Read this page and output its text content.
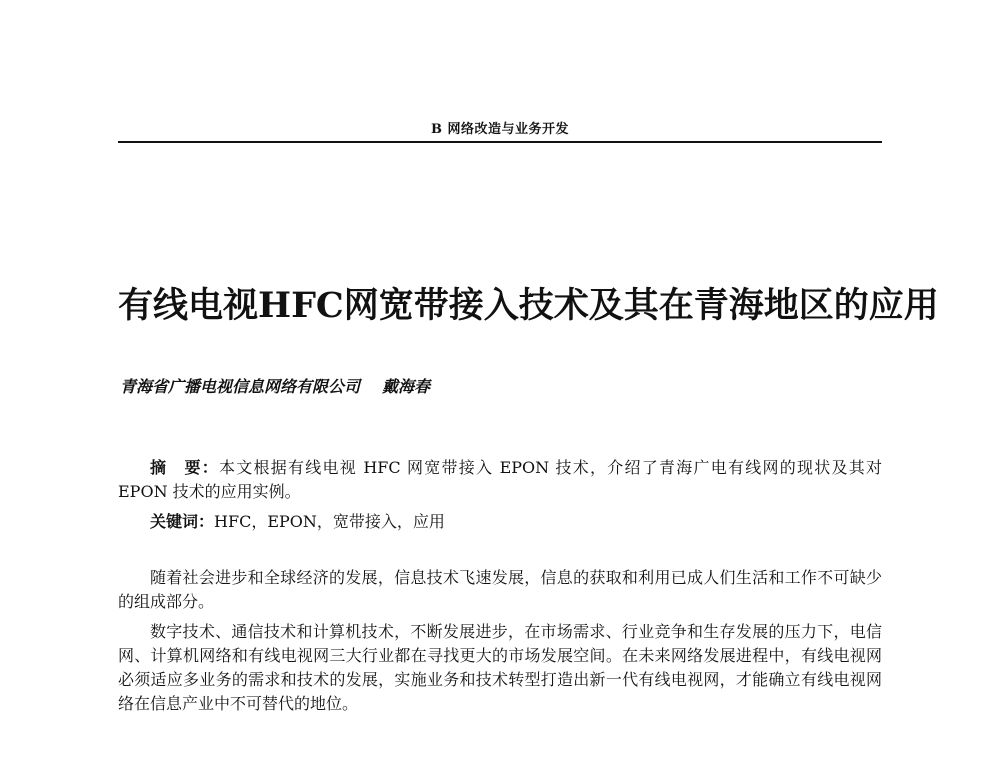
B 网络改造与业务开发
有线电视HFC网宽带接入技术及其在青海地区的应用
青海省广播电视信息网络有限公司 戴海春

摘　要：本文根据有线电视 HFC 网宽带接入 EPON 技术，介绍了青海广电有线网的现状及其对 EPON 技术的应用实例。

关键词：HFC，EPON，宽带接入，应用

随着社会进步和全球经济的发展，信息技术飞速发展，信息的获取和利用已成人们生活和工作不可缺少的组成部分。

数字技术、通信技术和计算机技术，不断发展进步，在市场需求、行业竞争和生存发展的压力下，电信网、计算机网络和有线电视网三大行业都在寻找更大的市场发展空间。在未来网络发展进程中，有线电视网必须适应多业务的需求和技术的发展，实施业务和技术转型打造出新一代有线电视网，才能确立有线电视网络在信息产业中不可替代的地位。
